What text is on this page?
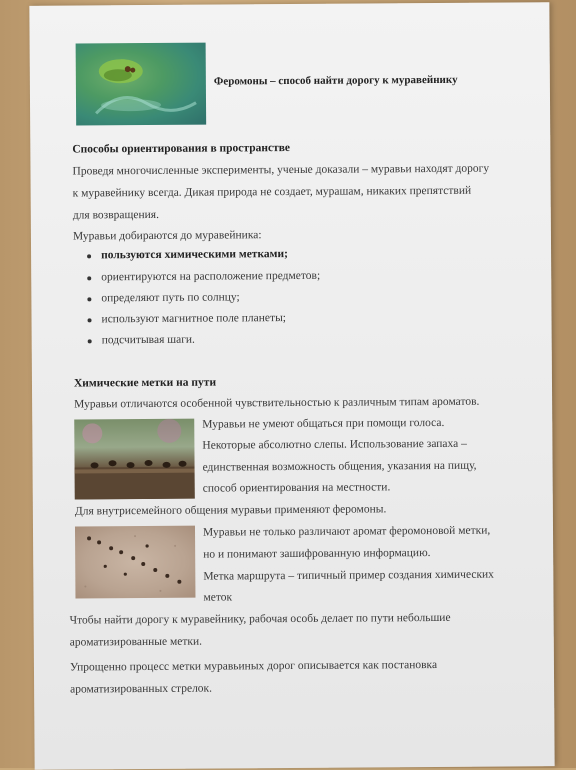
Феромоны – способ найти дорогу к муравейнику
Способы ориентирования в пространстве
Проведя многочисленные эксперименты, ученые доказали – муравьи находят дорогу
к муравейнику всегда. Дикая природа не создает, мурашам, никаких препятствий
для возвращения.
Муравьи добираются до муравейника:
пользуются химическими метками;
ориентируются на расположение предметов;
определяют путь по солнцу;
используют магнитное поле планеты;
подсчитывая шаги.
Химические метки на пути
Муравьи отличаются особенной чувствительностью к различным типам ароматов.
Муравьи не умеют общаться при помощи голоса.
Некоторые абсолютно слепы. Использование запаха –
единственная возможность общения, указания на пищу,
способ ориентирования на местности.
Для внутрисемейного общения муравьи применяют феромоны.
Муравьи не только различают аромат феромоновой метки,
но и понимают зашифрованную информацию.
Метка маршрута – типичный пример создания химических
меток
Чтобы найти дорогу к муравейнику, рабочая особь делает по пути небольшие
ароматизированные метки.
Упрощенно процесс метки муравьиных дорог описывается как постановка
ароматизированных стрелок.
